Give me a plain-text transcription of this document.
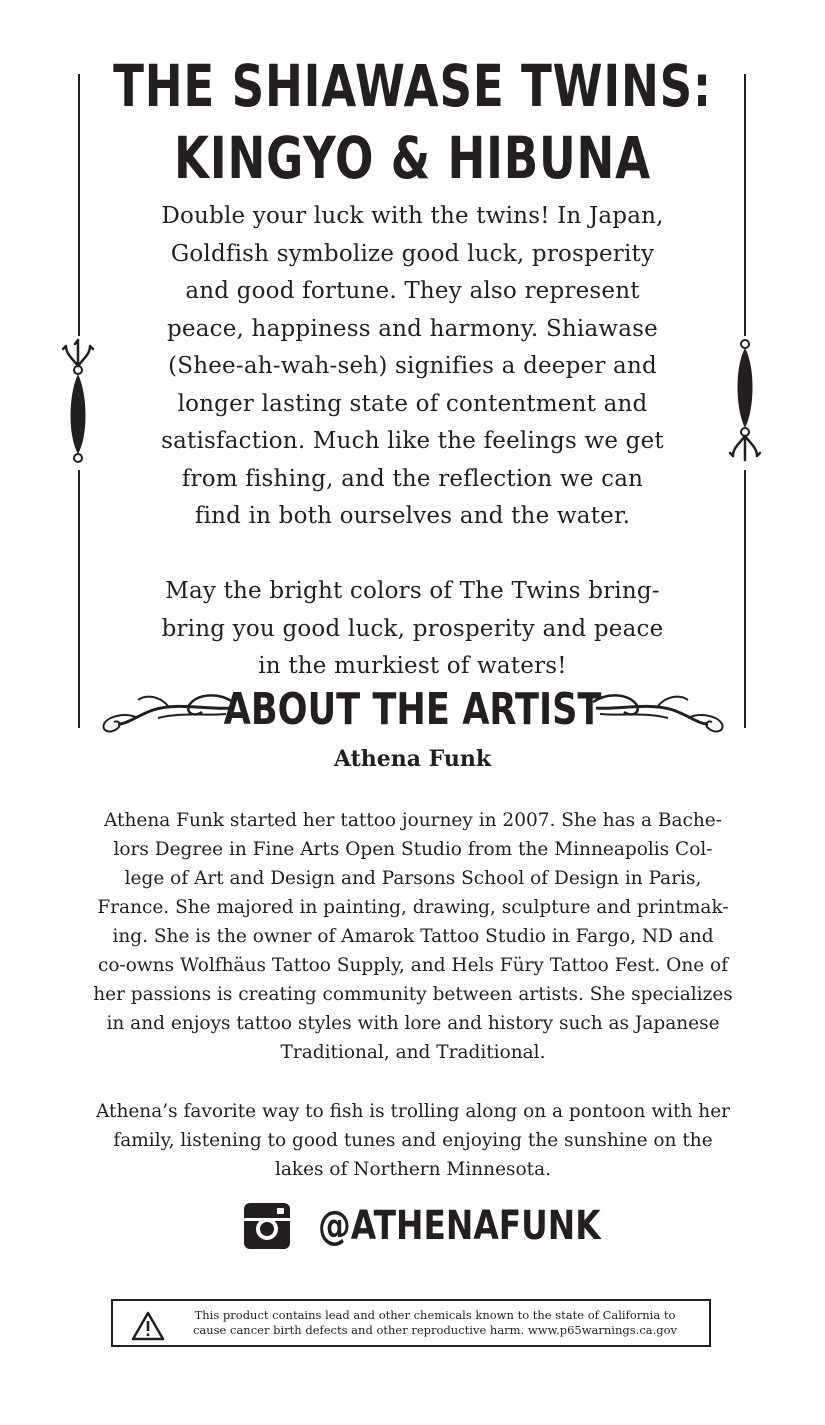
THE SHIAWASE TWINS:
KINGYO & HIBUNA
Double your luck with the twins! In Japan,
Goldfish symbolize good luck, prosperity
and good fortune. They also represent
peace, happiness and harmony. Shiawase
(Shee-ah-wah-seh) signifies a deeper and
longer lasting state of contentment and
satisfaction. Much like the feelings we get
from fishing, and the reflection we can
find in both ourselves and the water.
May the bright colors of The Twins bring-
bring you good luck, prosperity and peace
in the murkiest of waters!
ABOUT THE ARTIST
Athena Funk
Athena Funk started her tattoo journey in 2007. She has a Bache-
lors Degree in Fine Arts Open Studio from the Minneapolis Col-
lege of Art and Design and Parsons School of Design in Paris,
France. She majored in painting, drawing, sculpture and printmak-
ing. She is the owner of Amarok Tattoo Studio in Fargo, ND and
co-owns Wolfhäus Tattoo Supply, and Hels Füry Tattoo Fest. One of
her passions is creating community between artists. She specializes
in and enjoys tattoo styles with lore and history such as Japanese
Traditional, and Traditional.
Athena’s favorite way to fish is trolling along on a pontoon with her
family, listening to good tunes and enjoying the sunshine on the
lakes of Northern Minnesota.
@ATHENAFUNK
This product contains lead and other chemicals known to the state of California to
cause cancer birth defects and other reproductive harm. www.p65warnings.ca.gov
